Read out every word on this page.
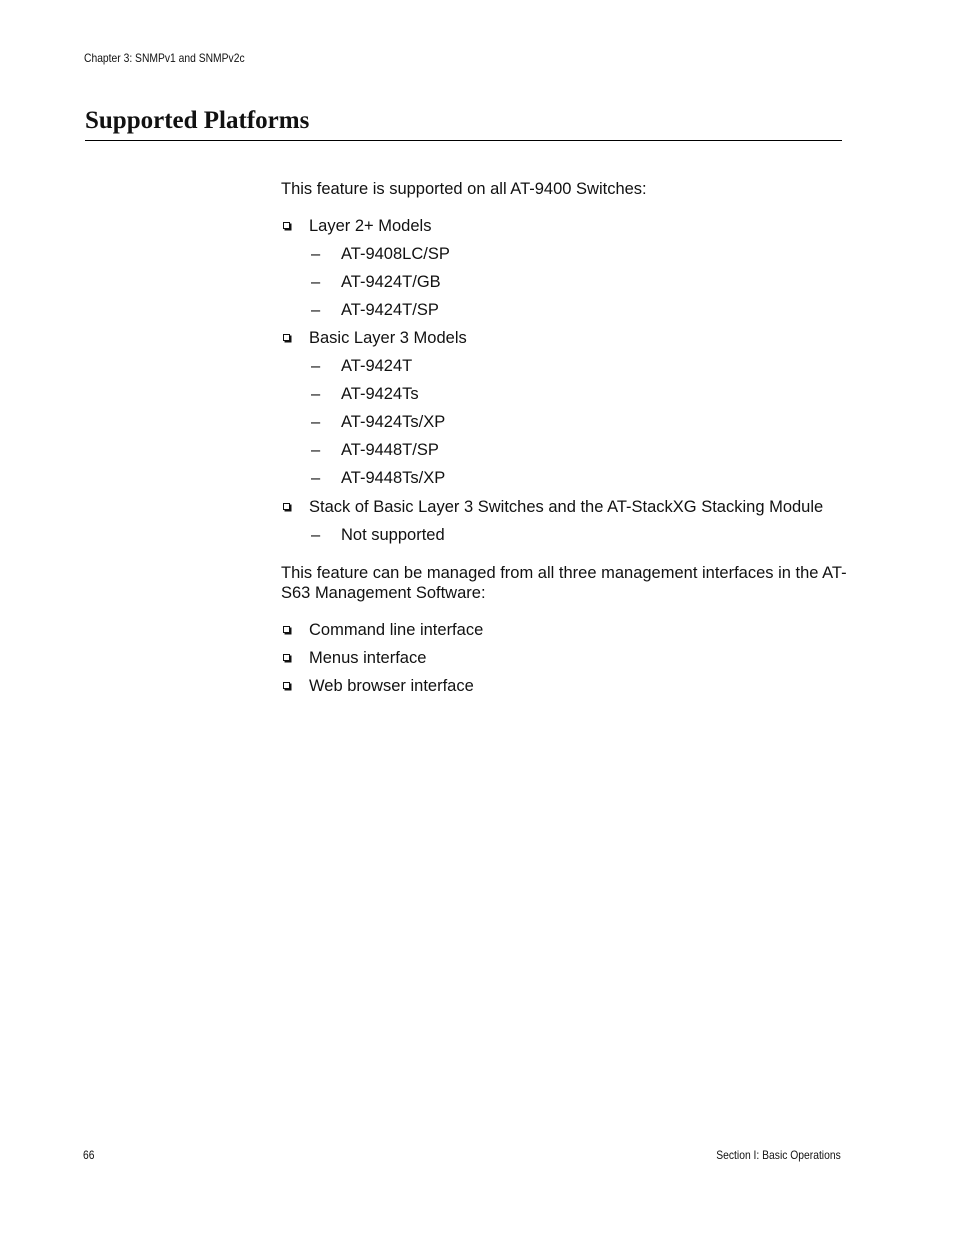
Chapter 3: SNMPv1 and SNMPv2c
Supported Platforms
This feature is supported on all AT-9400 Switches:
Layer 2+ Models
– AT-9408LC/SP
– AT-9424T/GB
– AT-9424T/SP
Basic Layer 3 Models
– AT-9424T
– AT-9424Ts
– AT-9424Ts/XP
– AT-9448T/SP
– AT-9448Ts/XP
Stack of Basic Layer 3 Switches and the AT-StackXG Stacking Module
– Not supported
This feature can be managed from all three management interfaces in the AT-S63 Management Software:
Command line interface
Menus interface
Web browser interface
66	Section I: Basic Operations
